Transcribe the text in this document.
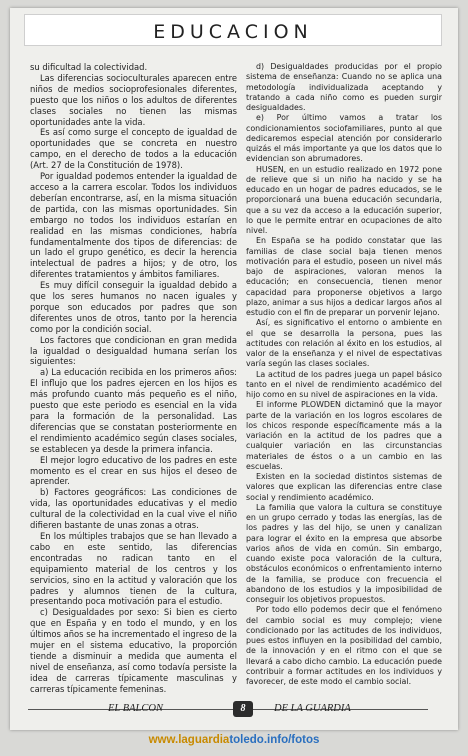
EDUCACION

su dificultad la colectividad.

Las diferencias socioculturales aparecen entre niños de medios socioprofesionales diferentes, puesto que los niños o los adultos de diferentes clases sociales no tienen las mismas oportunidades ante la vida.

Es así como surge el concepto de igualdad de oportunidades que se concreta en nuestro campo, en el derecho de todos a la educación (Art. 27 de la Constitución de 1978).

Por igualdad podemos entender la igualdad de acceso a la carrera escolar. Todos los individuos deberían encontrarse, así, en la misma situación de partida, con las mismas oportunidades. Sin embargo no todos los individuos estarían en realidad en las mismas condiciones, habría fundamentalmente dos tipos de diferencias: de un lado el grupo genético, es decir la herencia intelectual de padres a hijos; y de otro, los diferentes tratamientos y ámbitos familiares.

Es muy difícil conseguir la igualdad debido a que los seres humanos no nacen iguales y porque son educados por padres que son diferentes unos de otros, tanto por la herencia como por la condición social.

Los factores que condicionan en gran medida la igualdad o desigualdad humana serían los siguientes:

a) La educación recibida en los primeros años: El influjo que los padres ejercen en los hijos es más profundo cuanto más pequeño es el niño, puesto que este periodo es esencial en la vida para la formación de la personalidad. Las diferencias que se constatan posteriormente en el rendimiento académico según clases sociales, se establecen ya desde la primera infancia.

El mejor logro educativo de los padres en este momento es el crear en sus hijos el deseo de aprender.

b) Factores geográficos: Las condiciones de vida, las oportunidades educativas y el medio cultural de la colectividad en la cual vive el niño difieren bastante de unas zonas a otras.

En los múltiples trabajos que se han llevado a cabo en este sentido, las diferencias encontradas no radican tanto en el equipamiento material de los centros y los servicios, sino en la actitud y valoración que los padres y alumnos tienen de la cultura, presentando poca motivación para el estudio.

c) Desigualdades por sexo: Si bien es cierto que en España y en todo el mundo, y en los últimos años se ha incrementado el ingreso de la mujer en el sistema educativo, la proporción tiende a disminuir a medida que aumenta el nivel de enseñanza, así como todavía persiste la idea de carreras típicamente masculinas y carreras típicamente femeninas.

d) Desigualdades producidas por el propio sistema de enseñanza: Cuando no se aplica una metodología individualizada aceptando y tratando a cada niño como es pueden surgir desigualdades.

e) Por último vamos a tratar los condicionamientos sociofamiliares, punto al que dedicaremos especial atención por considerarlo quizás el más importante ya que los datos que lo evidencian son abrumadores.

HUSEN, en un estudio realizado en 1972 pone de relieve que si un niño ha nacido y se ha educado en un hogar de padres educados, se le proporcionará una buena educación secundaria, que a su vez da acceso a la educación superior, lo que le permite entrar en ocupaciones de alto nivel.

En España se ha podido constatar que las familias de clase social baja tienen menos motivación para el estudio, poseen un nivel más bajo de aspiraciones, valoran menos la educación; en consecuencia, tienen menor capacidad para proponerse objetivos a largo plazo, animar a sus hijos a dedicar largos años al estudio con el fin de preparar un porvenir lejano.

Así, es significativo el entorno o ambiente en el que se desarrolla la persona, pues las actitudes con relación al éxito en los estudios, al valor de la enseñanza y el nivel de espectativas varía según las clases sociales.

La actitud de los padres juega un papel básico tanto en el nivel de rendimiento académico del hijo como en su nivel de aspiraciones en la vida.

El informe PLOWDEN dictaminó que la mayor parte de la variación en los logros escolares de los chicos responde específicamente más a la variación en la actitud de los padres que a cualquier variación en las circunstancias materiales de éstos o a un cambio en las escuelas.

Existen en la sociedad distintos sistemas de valores que explican las diferencias entre clase social y rendimiento académico.

La familia que valora la cultura se constituye en un grupo cerrado y todas las energías, las de los padres y las del hijo, se unen y canalizan para lograr el éxito en la empresa que absorbe varios años de vida en común. Sin embargo, cuando existe poca valoración de la cultura, obstáculos económicos o enfrentamiento interno de la familia, se produce con frecuencia el abandono de los estudios y la imposibilidad de conseguir los objetivos propuestos.

Por todo ello podemos decir que el fenómeno del cambio social es muy complejo; viene condicionado por las actitudes de los individuos, pues estos influyen en la posibilidad del cambio, de la innovación y en el ritmo con el que se llevará a cabo dicho cambio. La educación puede contribuir a formar actitudes en los individuos y favorecer, de este modo el cambio social.

EL BALCON	8	DE LA GUARDIA
www.laguardiatoledo.info/fotos
